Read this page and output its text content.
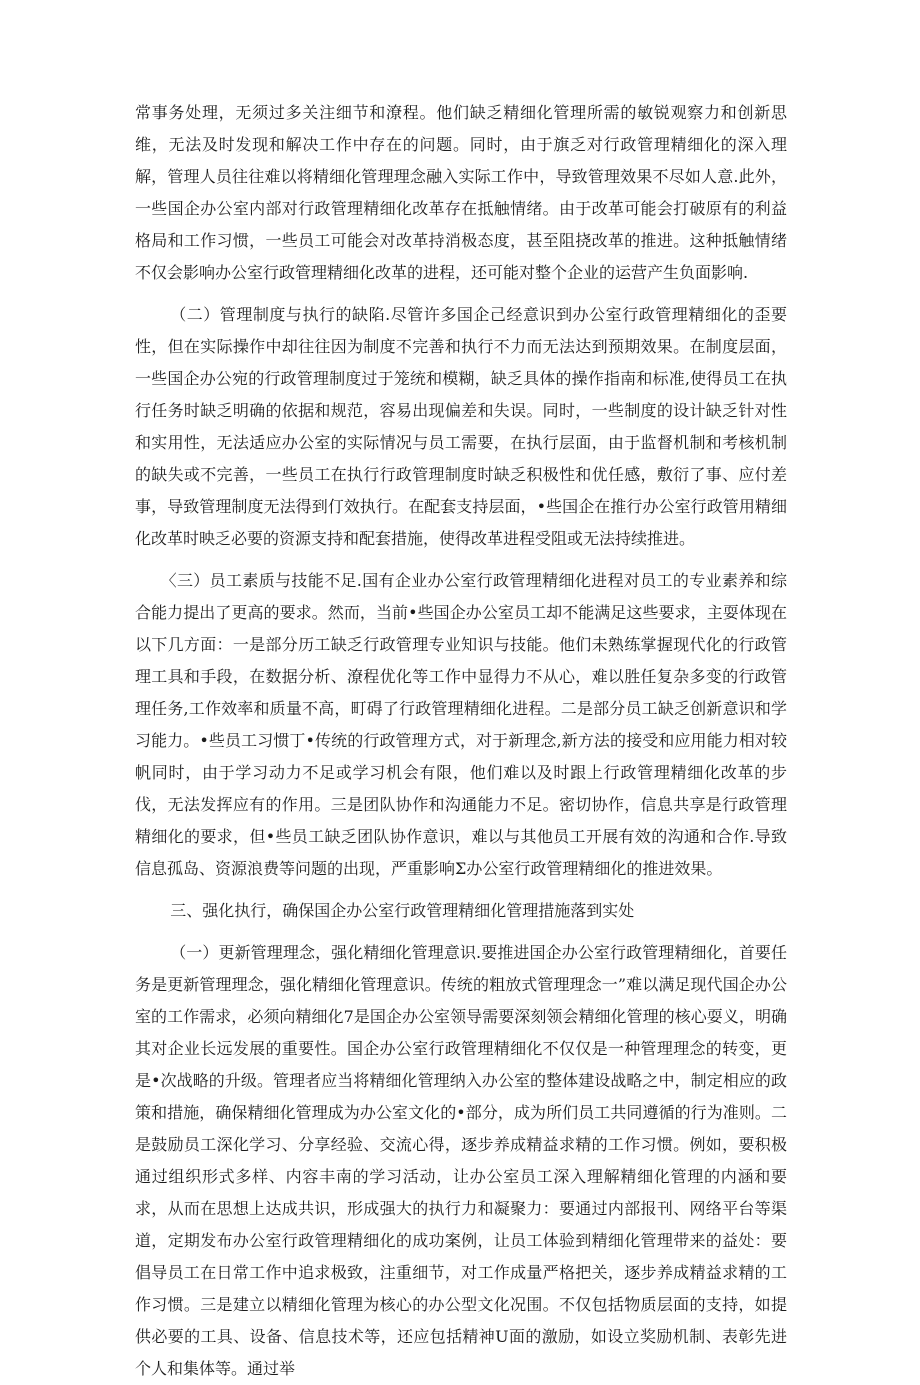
常事务处理，无须过多关注细节和潦程。他们缺乏精细化管理所需的敏锐观察力和创新思维，无法及时发现和解决工作中存在的问题。同时，由于旗乏对行政管理精细化的深入理解，管理人员往往难以将精细化管理理念融入实际工作中，导致管理效果不尽如人意.此外，一些国企办公室内部对行政管理精细化改革存在抵触情绪。由于改革可能会打破原有的利益格局和工作习惯，一些员工可能会对改革持消极态度，甚至阻挠改革的推进。这种抵触情绪不仅会影响办公室行政管理精细化改革的进程，还可能对整个企业的运营产生负面影响.

（二）管理制度与执行的缺陷.尽管许多国企己经意识到办公室行政管理精细化的歪要性，但在实际操作中却往往因为制度不完善和执行不力而无法达到预期效果。在制度层面，一些国企办公宛的行政管理制度过于笼统和模糊，缺乏具体的操作指南和标准,使得员工在执行任务时缺乏明确的依据和规范，容易出现偏差和失误。同时，一些制度的设计缺乏针对性和实用性，无法适应办公室的实际情况与员工需要，在执行层面，由于监督机制和考核机制的缺失或不完善，一些员工在执行行政管理制度时缺乏积极性和优任感，敷衍了事、应付差事，导致管理制度无法得到仃效执行。在配套支持层面，•些国企在推行办公室行政管用精细化改革时映乏必要的资源支持和配套措施，使得改革进程受阻或无法持续推进。

〈三）员工素质与技能不足.国有企业办公室行政管理精细化进程对员工的专业素养和综合能力提出了更高的要求。然而，当前•些国企办公室员工却不能满足这些要求，主耍体现在以下几方面：一是部分历工缺乏行政管理专业知识与技能。他们未熟练掌握现代化的行政管理工具和手段，在数据分析、潦程优化等工作中显得力不从心，难以胜任复杂多变的行政管理任务,工作效率和质量不高，町碍了行政管理精细化进程。二是部分员工缺乏创新意识和学习能力。•些员工习惯丁•传统的行政管理方式，对于新理念,新方法的接受和应用能力相对较帆同时，由于学习动力不足或学习机会有限，他们难以及时跟上行政管理精细化改革的步伐，无法发挥应有的作用。三是团队协作和沟通能力不足。密切协作，信息共享是行政管理精细化的要求，但•些员工缺乏团队协作意识，难以与其他员工开展有效的沟通和合作.导致信息孤岛、资源浪费等问题的出现，严重影响Σ办公室行政管理精细化的推进效果。

三、强化执行，确保国企办公室行政管理精细化管理措施落到实处

（一）更新管理理念，强化精细化管理意识.要推进国企办公室行政管理精细化，首要任务是更新管理理念，强化精细化管理意识。传统的粗放式管理理念一”难以满足现代国企办公室的工作需求，必须向精细化7是国企办公室领导需要深刻领会精细化管理的核心耍义，明确其对企业长远发展的重要性。国企办公室行政管理精细化不仅仅是一种管理理念的转变，更是•次战略的升级。管理者应当将精细化管理纳入办公室的整体建设战略之中，制定相应的政策和措施，确保精细化管理成为办公室文化的•部分，成为所们员工共同遵循的行为准则。二是鼓励员工深化学习、分享经验、交流心得，逐步养成精益求精的工作习惯。例如，要积极通过组织形式多样、内容丰南的学习活动，让办公室员工深入理解精细化管理的内涵和要求，从而在思想上达成共识，形成强大的执行力和凝聚力：要通过内部报刊、网络平台等渠道，定期发布办公室行政管理精细化的成功案例，让员工体验到精细化管理带来的益处：要倡导员工在日常工作中追求极致，注重细节，对工作成量严格把关，逐步养成精益求精的工作习惯。三是建立以精细化管理为核心的办公型文化况围。不仅包括物质层面的支持，如提供必要的工具、设备、信息技术等，还应包括精神U面的激励，如设立奖励机制、表彰先进个人和集体等。通过举
